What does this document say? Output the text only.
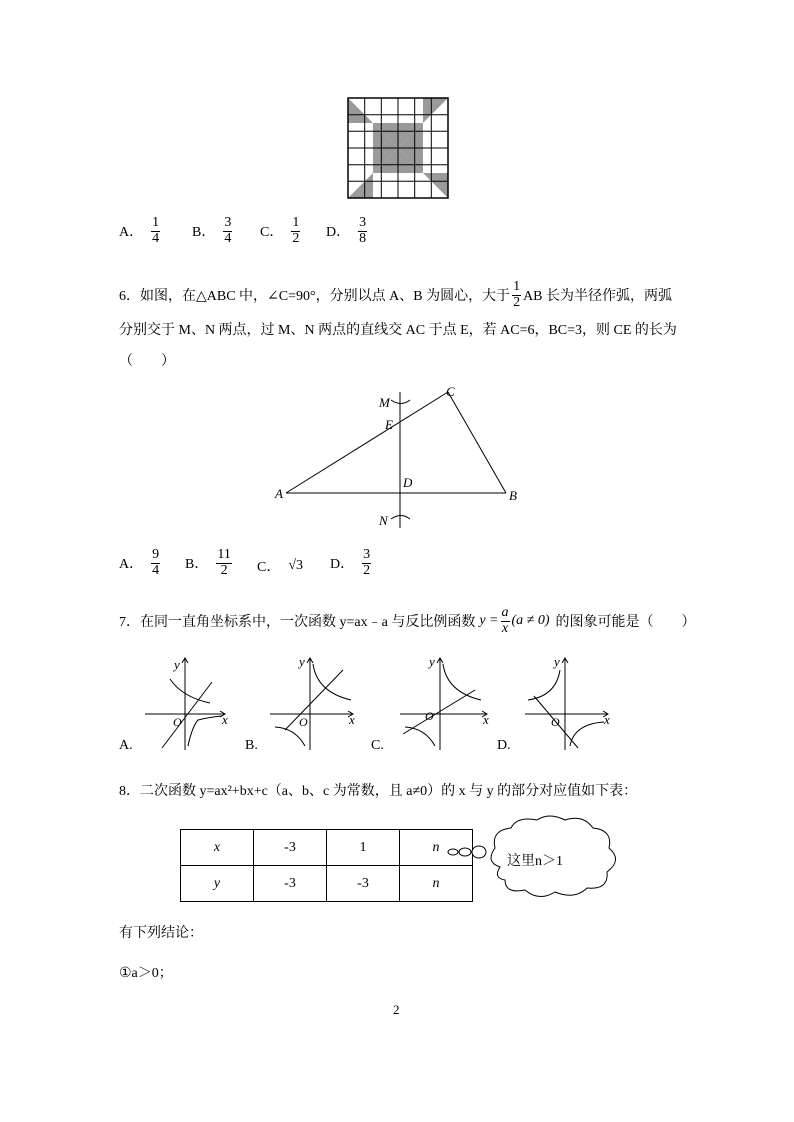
A． $\frac{1}{4}$ B． $\frac{3}{4}$ C． $\frac{1}{2}$ D． $\frac{3}{8}$
6．如图，在△ABC 中，∠C=90°，分别以点 A、B 为圆心，大于 $\frac{1}{2}$ AB 长为半径作弧，两弧
分别交于 M、N 两点，过 M、N 两点的直线交 AC 于点 E，若 AC=6，BC=3，则 CE 的长为
（　　）
A	B
C
D
E
M
N
A． $\frac{9}{4}$ B． $\frac{11}{2}$ C． √3 D． $\frac{3}{2}$
7．在同一直角坐标系中，一次函数 y=ax﹣a 与反比例函数 $y = \frac{a}{x} (a \ne 0)$ 的图象可能是（　　）
y
x
O
y
x
O
y
x
O
y
x
O
A.	B.	C.	D.
8．二次函数 y=ax²+bx+c（a、b、c 为常数，且 a≠0）的 x 与 y 的部分对应值如下表：
x	-3	1	n
y	-3	-3	n
这里n＞1
有下列结论：
①a＞0；
2
